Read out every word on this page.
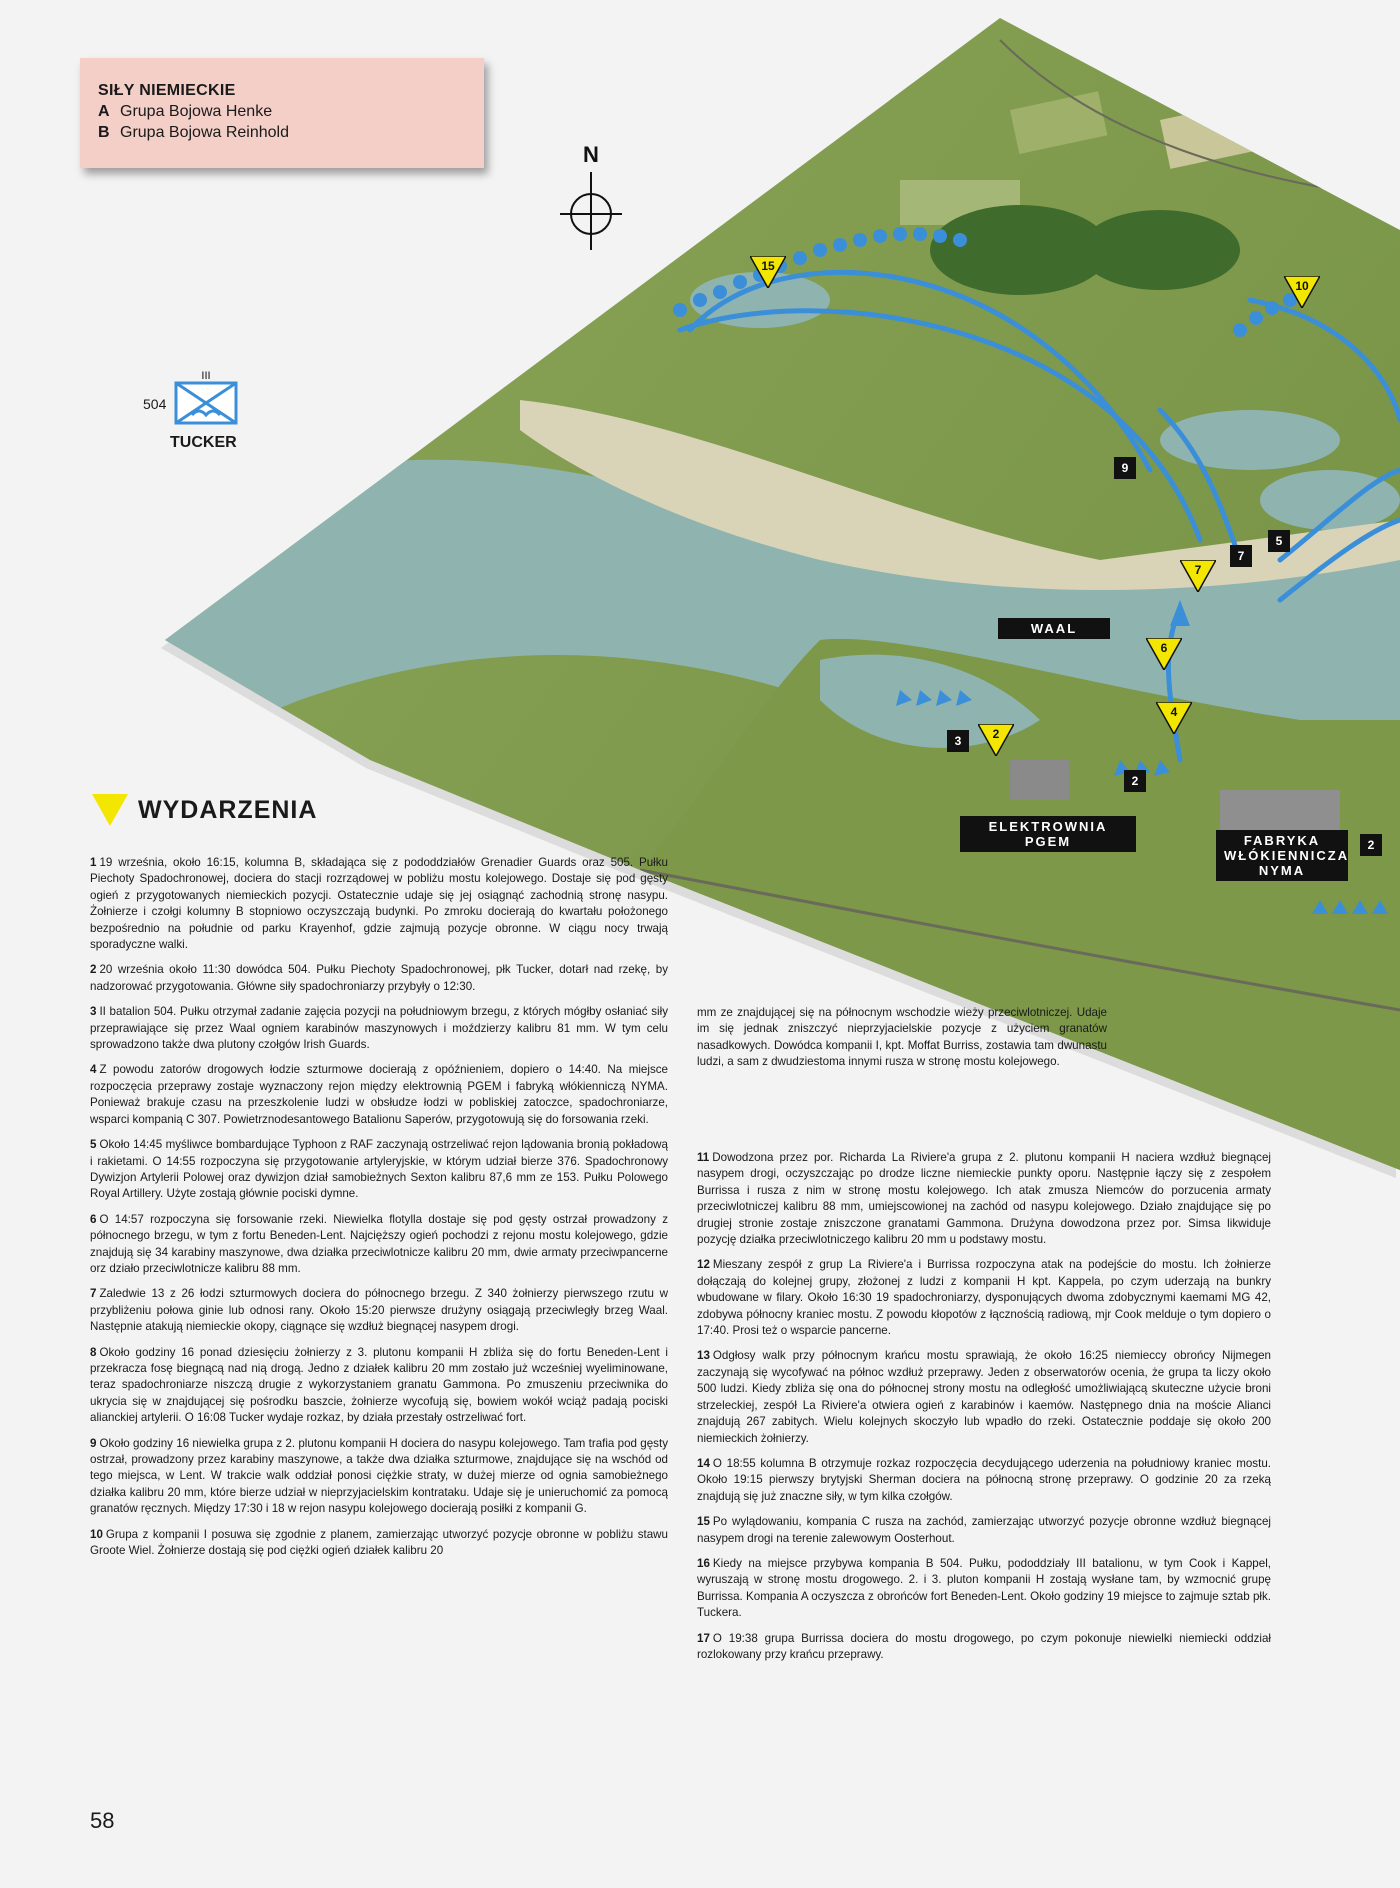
SIŁY NIEMIECKIE
A Grupa Bojowa Henke
B Grupa Bojowa Reinhold
N
III
504
TUCKER
WAAL
ELEKTROWNIA PGEM	FABRYKA WŁÓKIENNICZA NYMA
9
7
5
3
2
2
15
10
7
6
4
2
WYDARZENIA

1 19 września, około 16:15, kolumna B, składająca się z pododdziałów Grenadier Guards oraz 505. Pułku Piechoty Spadochronowej, dociera do stacji rozrządowej w pobliżu mostu kolejowego. Dostaje się pod gęsty ogień z przygotowanych niemieckich pozycji. Ostatecznie udaje się jej osiągnąć zachodnią stronę nasypu. Żołnierze i czołgi kolumny B stopniowo oczyszczają budynki. Po zmroku docierają do kwartału położonego bezpośrednio na południe od parku Krayenhof, gdzie zajmują pozycje obronne. W ciągu nocy trwają sporadyczne walki.

2 20 września około 11:30 dowódca 504. Pułku Piechoty Spadochronowej, płk Tucker, dotarł nad rzekę, by nadzorować przygotowania. Główne siły spadochroniarzy przybyły o 12:30.

3 II batalion 504. Pułku otrzymał zadanie zajęcia pozycji na południowym brzegu, z których mógłby osłaniać siły przeprawiające się przez Waal ogniem karabinów maszynowych i moździerzy kalibru 81 mm. W tym celu sprowadzono także dwa plutony czołgów Irish Guards.

4 Z powodu zatorów drogowych łodzie szturmowe docierają z opóźnieniem, dopiero o 14:40. Na miejsce rozpoczęcia przeprawy zostaje wyznaczony rejon między elektrownią PGEM i fabryką włókienniczą NYMA. Ponieważ brakuje czasu na przeszkolenie ludzi w obsłudze łodzi w pobliskiej zatoczce, spadochroniarze, wsparci kompanią C 307. Powietrznodesantowego Batalionu Saperów, przygotowują się do forsowania rzeki.

5 Około 14:45 myśliwce bombardujące Typhoon z RAF zaczynają ostrzeliwać rejon lądowania bronią pokładową i rakietami. O 14:55 rozpoczyna się przygotowanie artyleryjskie, w którym udział bierze 376. Spadochronowy Dywizjon Artylerii Polowej oraz dywizjon dział samobieżnych Sexton kalibru 87,6 mm ze 153. Pułku Polowego Royal Artillery. Użyte zostają głównie pociski dymne.

6 O 14:57 rozpoczyna się forsowanie rzeki. Niewielka flotylla dostaje się pod gęsty ostrzał prowadzony z północnego brzegu, w tym z fortu Beneden-Lent. Najcięższy ogień pochodzi z rejonu mostu kolejowego, gdzie znajdują się 34 karabiny maszynowe, dwa działka przeciwlotnicze kalibru 20 mm, dwie armaty przeciwpancerne orz działo przeciwlotnicze kalibru 88 mm.

7 Zaledwie 13 z 26 łodzi szturmowych dociera do północnego brzegu. Z 340 żołnierzy pierwszego rzutu w przybliżeniu połowa ginie lub odnosi rany. Około 15:20 pierwsze drużyny osiągają przeciwległy brzeg Waal. Następnie atakują niemieckie okopy, ciągnące się wzdłuż biegnącej nasypem drogi.

8 Około godziny 16 ponad dziesięciu żołnierzy z 3. plutonu kompanii H zbliża się do fortu Beneden-Lent i przekracza fosę biegnącą nad nią drogą. Jedno z działek kalibru 20 mm zostało już wcześniej wyeliminowane, teraz spadochroniarze niszczą drugie z wykorzystaniem granatu Gammona. Po zmuszeniu przeciwnika do ukrycia się w znajdującej się pośrodku baszcie, żołnierze wycofują się, bowiem wokół wciąż padają pociski alianckiej artylerii. O 16:08 Tucker wydaje rozkaz, by działa przestały ostrzeliwać fort.

9 Około godziny 16 niewielka grupa z 2. plutonu kompanii H dociera do nasypu kolejowego. Tam trafia pod gęsty ostrzał, prowadzony przez karabiny maszynowe, a także dwa działka szturmowe, znajdujące się na wschód od tego miejsca, w Lent. W trakcie walk oddział ponosi ciężkie straty, w dużej mierze od ognia samobieżnego działka kalibru 20 mm, które bierze udział w nieprzyjacielskim kontrataku. Udaje się je unieruchomić za pomocą granatów ręcznych. Między 17:30 i 18 w rejon nasypu kolejowego docierają posiłki z kompanii G.

10 Grupa z kompanii I posuwa się zgodnie z planem, zamierzając utworzyć pozycje obronne w pobliżu stawu Groote Wiel. Żołnierze dostają się pod ciężki ogień działek kalibru 20

mm ze znajdującej się na północnym wschodzie wieży przeciwlotniczej. Udaje im się jednak zniszczyć nieprzyjacielskie pozycje z użyciem granatów nasadkowych. Dowódca kompanii I, kpt. Moffat Burriss, zostawia tam dwunastu ludzi, a sam z dwudziestoma innymi rusza w stronę mostu kolejowego.

11 Dowodzona przez por. Richarda La Riviere'a grupa z 2. plutonu kompanii H naciera wzdłuż biegnącej nasypem drogi, oczyszczając po drodze liczne niemieckie punkty oporu. Następnie łączy się z zespołem Burrissa i rusza z nim w stronę mostu kolejowego. Ich atak zmusza Niemców do porzucenia armaty przeciwlotniczej kalibru 88 mm, umiejscowionej na zachód od nasypu kolejowego. Działo znajdujące się po drugiej stronie zostaje zniszczone granatami Gammona. Drużyna dowodzona przez por. Simsa likwiduje pozycję działka przeciwlotniczego kalibru 20 mm u podstawy mostu.

12 Mieszany zespół z grup La Riviere'a i Burrissa rozpoczyna atak na podejście do mostu. Ich żołnierze dołączają do kolejnej grupy, złożonej z ludzi z kompanii H kpt. Kappela, po czym uderzają na bunkry wbudowane w filary. Około 16:30 19 spadochroniarzy, dysponujących dwoma zdobycznymi kaemami MG 42, zdobywa północny kraniec mostu. Z powodu kłopotów z łącznością radiową, mjr Cook melduje o tym dopiero o 17:40. Prosi też o wsparcie pancerne.

13 Odgłosy walk przy północnym krańcu mostu sprawiają, że około 16:25 niemieccy obrońcy Nijmegen zaczynają się wycofywać na północ wzdłuż przeprawy. Jeden z obserwatorów ocenia, że grupa ta liczy około 500 ludzi. Kiedy zbliża się ona do północnej strony mostu na odległość umożliwiającą skuteczne użycie broni strzeleckiej, zespół La Riviere'a otwiera ogień z karabinów i kaemów. Następnego dnia na moście Alianci znajdują 267 zabitych. Wielu kolejnych skoczyło lub wpadło do rzeki. Ostatecznie poddaje się około 200 niemieckich żołnierzy.

14 O 18:55 kolumna B otrzymuje rozkaz rozpoczęcia decydującego uderzenia na południowy kraniec mostu. Około 19:15 pierwszy brytyjski Sherman dociera na północną stronę przeprawy. O godzinie 20 za rzeką znajdują się już znaczne siły, w tym kilka czołgów.

15 Po wylądowaniu, kompania C rusza na zachód, zamierzając utworzyć pozycje obronne wzdłuż biegnącej nasypem drogi na terenie zalewowym Oosterhout.

16 Kiedy na miejsce przybywa kompania B 504. Pułku, pododdziały III batalionu, w tym Cook i Kappel, wyruszają w stronę mostu drogowego. 2. i 3. pluton kompanii H zostają wysłane tam, by wzmocnić grupę Burrissa. Kompania A oczyszcza z obrońców fort Beneden-Lent. Około godziny 19 miejsce to zajmuje sztab płk. Tuckera.

17 O 19:38 grupa Burrissa dociera do mostu drogowego, po czym pokonuje niewielki niemiecki oddział rozlokowany przy krańcu przeprawy.

58
